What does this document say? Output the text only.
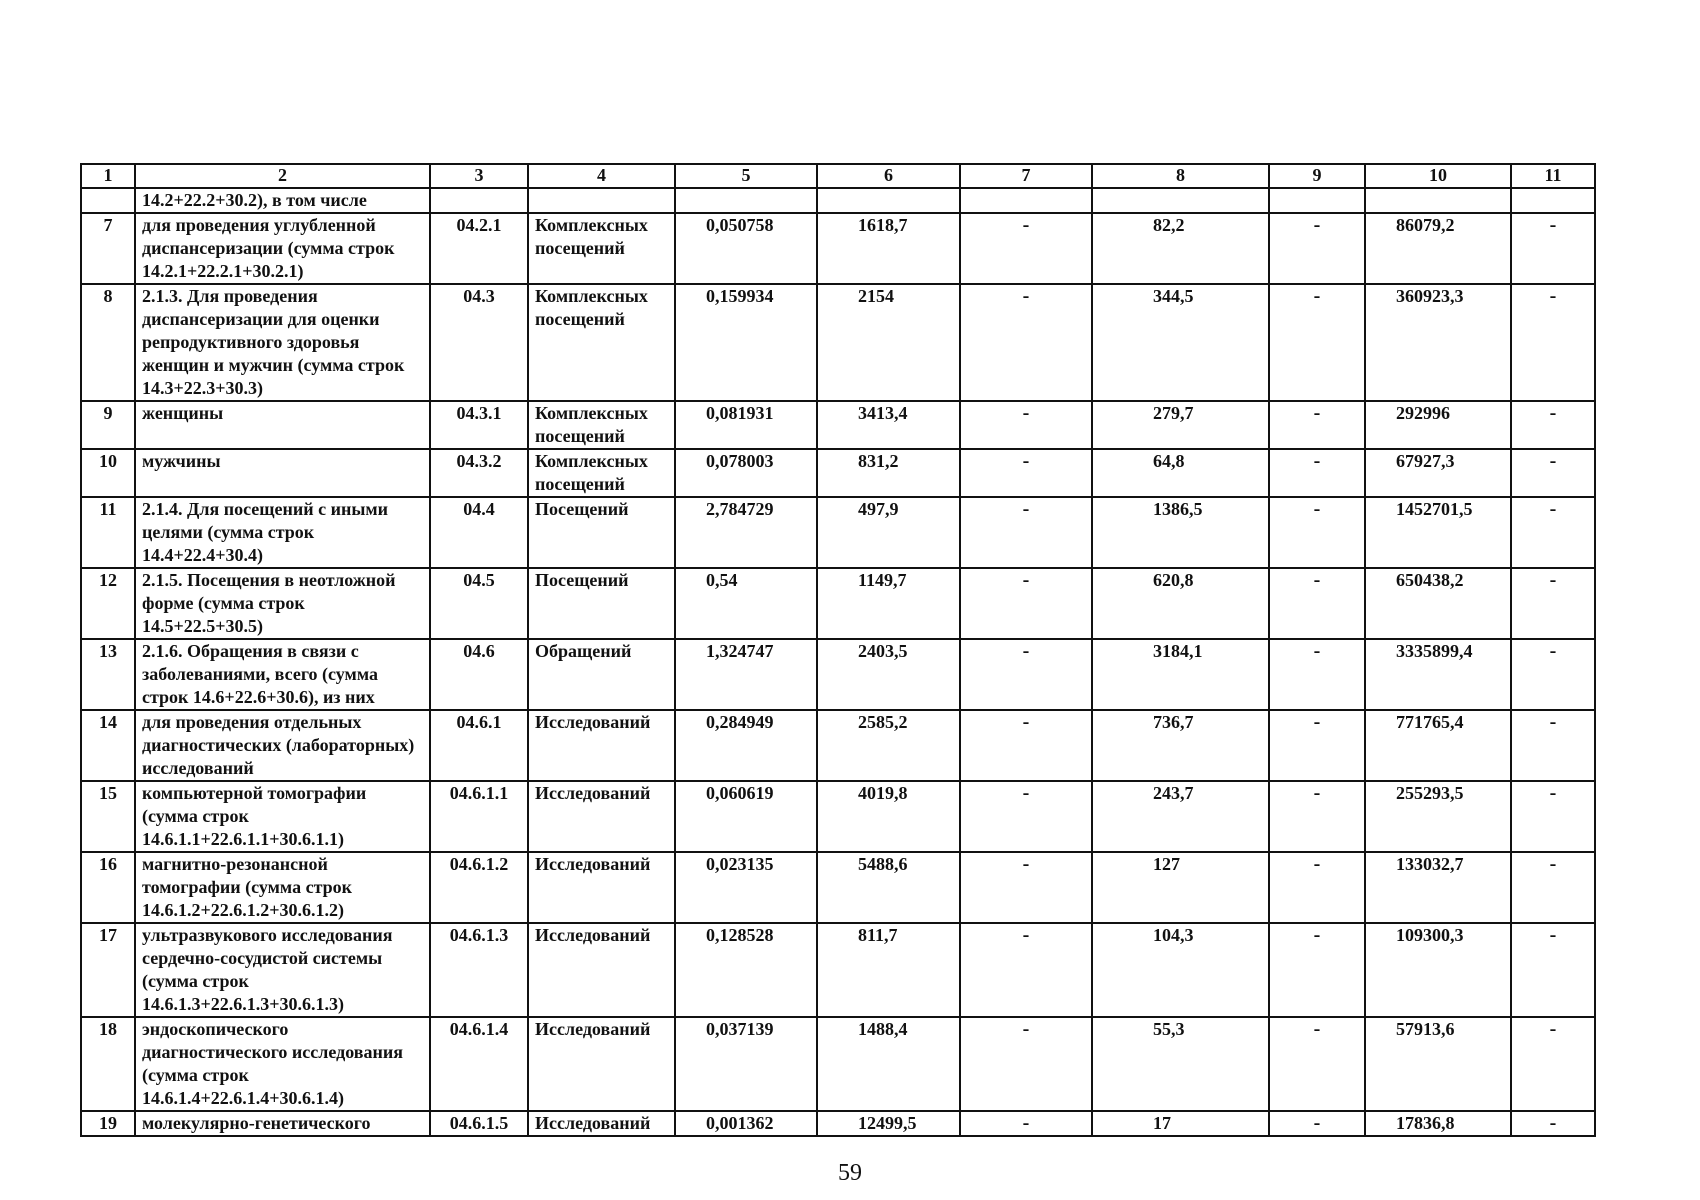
1	2	3	4	5	6	7	8	9	10	11
	14.2+22.2+30.2), в том числе									
7	для проведения углубленной диспансеризации (сумма строк 14.2.1+22.2.1+30.2.1)	04.2.1	Комплексных посещений	0,050758	1618,7	-	82,2	-	86079,2	-
8	2.1.3. Для проведения диспансеризации для оценки репродуктивного здоровья женщин и мужчин (сумма строк 14.3+22.3+30.3)	04.3	Комплексных посещений	0,159934	2154	-	344,5	-	360923,3	-
9	женщины	04.3.1	Комплексных посещений	0,081931	3413,4	-	279,7	-	292996	-
10	мужчины	04.3.2	Комплексных посещений	0,078003	831,2	-	64,8	-	67927,3	-
11	2.1.4. Для посещений с иными целями (сумма строк 14.4+22.4+30.4)	04.4	Посещений	2,784729	497,9	-	1386,5	-	1452701,5	-
12	2.1.5. Посещения в неотложной форме (сумма строк 14.5+22.5+30.5)	04.5	Посещений	0,54	1149,7	-	620,8	-	650438,2	-
13	2.1.6. Обращения в связи с заболеваниями, всего (сумма строк 14.6+22.6+30.6), из них	04.6	Обращений	1,324747	2403,5	-	3184,1	-	3335899,4	-
14	для проведения отдельных диагностических (лабораторных) исследований	04.6.1	Исследований	0,284949	2585,2	-	736,7	-	771765,4	-
15	компьютерной томографии (сумма строк 14.6.1.1+22.6.1.1+30.6.1.1)	04.6.1.1	Исследований	0,060619	4019,8	-	243,7	-	255293,5	-
16	магнитно-резонансной томографии (сумма строк 14.6.1.2+22.6.1.2+30.6.1.2)	04.6.1.2	Исследований	0,023135	5488,6	-	127	-	133032,7	-
17	ультразвукового исследования сердечно-сосудистой системы (сумма строк 14.6.1.3+22.6.1.3+30.6.1.3)	04.6.1.3	Исследований	0,128528	811,7	-	104,3	-	109300,3	-
18	эндоскопического диагностического исследования (сумма строк 14.6.1.4+22.6.1.4+30.6.1.4)	04.6.1.4	Исследований	0,037139	1488,4	-	55,3	-	57913,6	-
19	молекулярно-генетического	04.6.1.5	Исследований	0,001362	12499,5	-	17	-	17836,8	-
59
